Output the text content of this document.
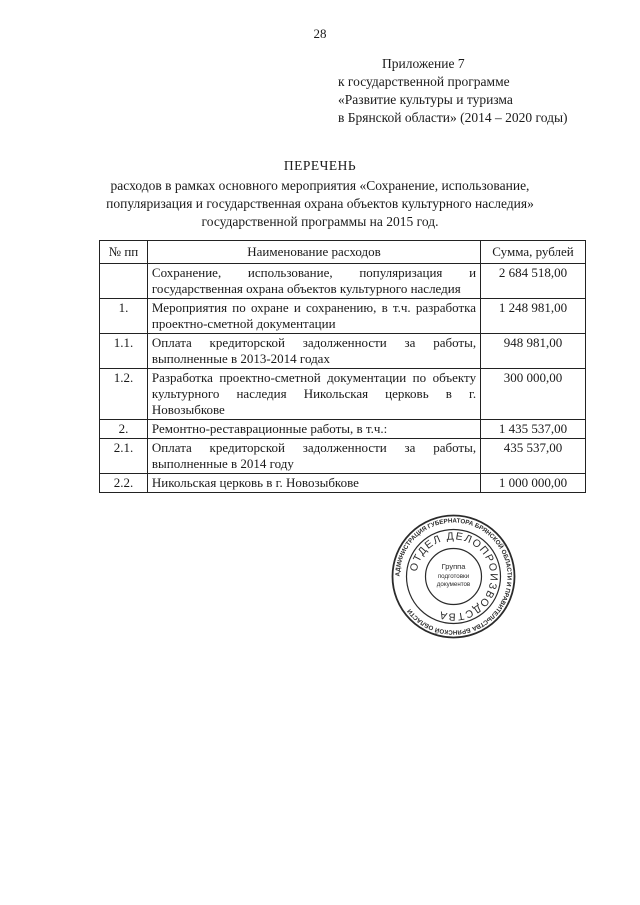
28
Приложение 7
к государственной программе
«Развитие культуры и туризма
в Брянской области» (2014 – 2020 годы)
ПЕРЕЧЕНЬ
расходов в рамках основного мероприятия «Сохранение, использование,
популяризация и государственная охрана объектов культурного наследия»
государственной программы на 2015 год.
№ пп	Наименование расходов	Сумма, рублей
	Сохранение, использование, популяризация и государственная охрана объектов культурного наследия	2 684 518,00
1.	Мероприятия по охране и сохранению, в т.ч. разработка проектно-сметной документации	1 248 981,00
1.1.	Оплата кредиторской задолженности за работы, выполненные в 2013-2014 годах	948 981,00
1.2.	Разработка проектно-сметной документации по объекту культурного наследия Никольская церковь в г. Новозыбкове	300 000,00
2.	Ремонтно-реставрационные работы, в т.ч.:	1 435 537,00
2.1.	Оплата кредиторской задолженности за работы, выполненные в 2014 году	435 537,00
2.2.	Никольская церковь в г. Новозыбкове	1 000 000,00
АДМИНИСТРАЦИЯ ГУБЕРНАТОРА БРЯНСКОЙ ОБЛАСТИ И ПРАВИТЕЛЬСТВА БРЯНСКОЙ ОБЛАСТИ
ОТДЕЛ ДЕЛОПРОИЗВОДСТВА
Группа
подготовки
документов
